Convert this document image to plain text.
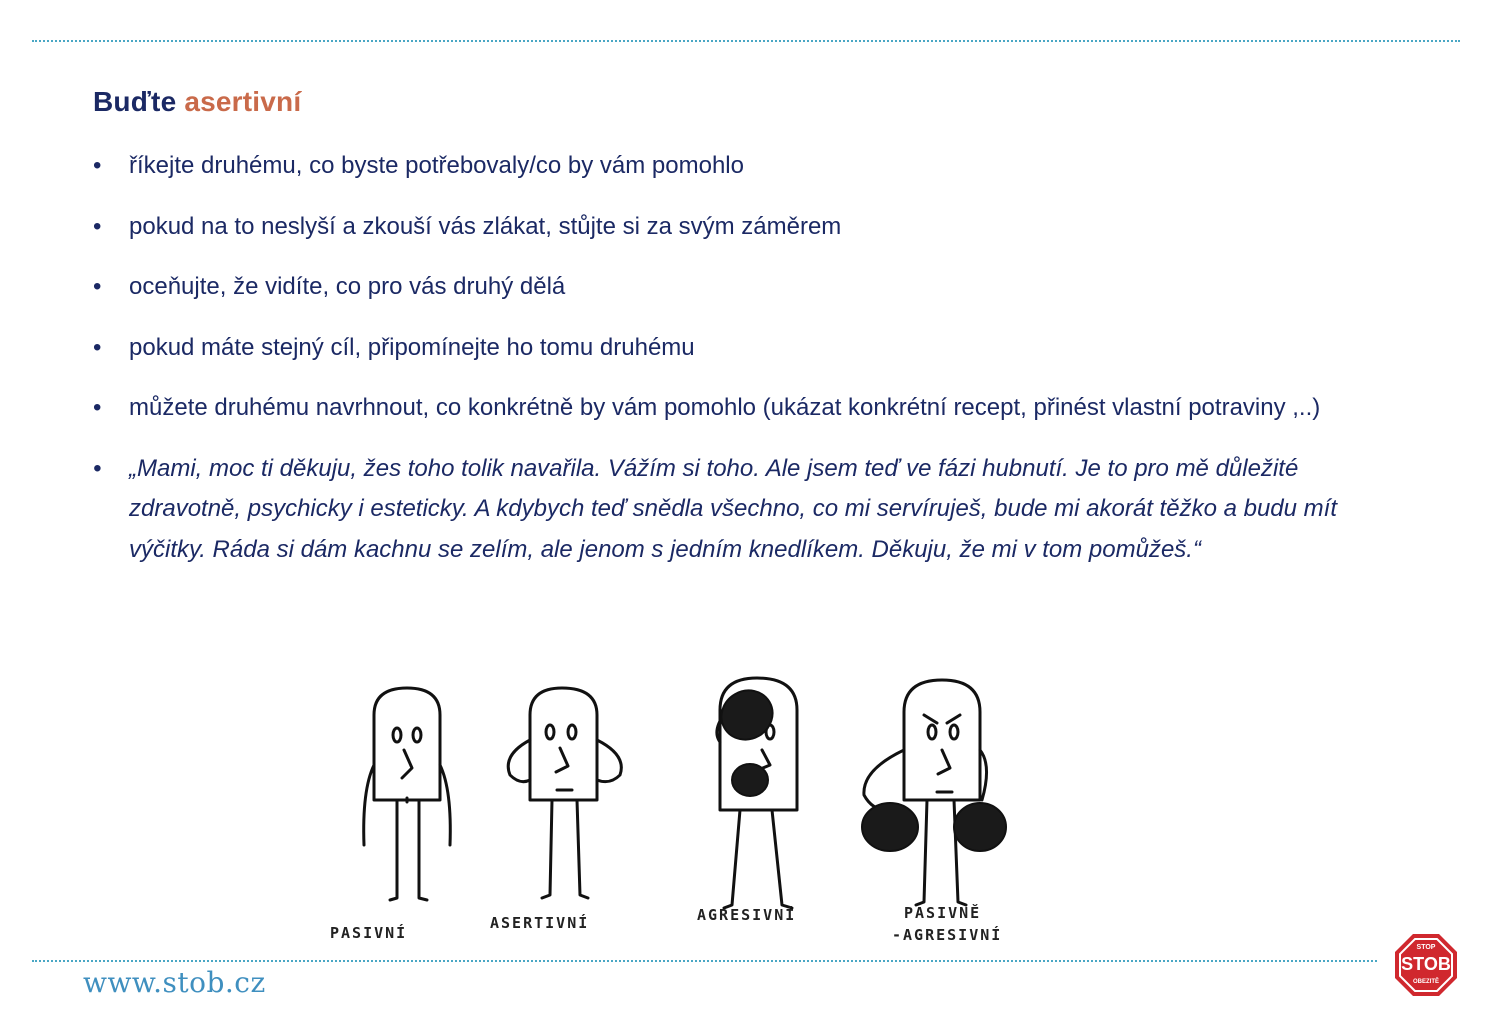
Buďte asertivní
• říkejte druhému, co byste potřebovaly/co by vám pomohlo
• pokud na to neslyší a zkouší vás zlákat, stůjte si za svým záměrem
• oceňujte, že vidíte, co pro vás druhý dělá
• pokud máte stejný cíl, připomínejte ho tomu druhému
• můžete druhému navrhnout, co konkrétně by vám pomohlo (ukázat konkrétní recept, přinést vlastní potraviny ,..)
• „Mami, moc ti děkuju, žes toho tolik navařila. Vážím si toho. Ale jsem teď ve fázi hubnutí. Je to pro mě důležité zdravotně, psychicky i esteticky. A kdybych teď snědla všechno, co mi servíruješ, bude mi akorát těžko a budu mít výčitky. Ráda si dám kachnu se zelím, ale jenom s jedním knedlíkem. Děkuju, že mi v tom pomůžeš.“
PASIVNÍ
ASERTIVNÍ	AGRESIVNÍ	PASIVNĚ
-AGRESIVNÍ
www.stob.cz
STOP
STOB
OBEZITĚ
